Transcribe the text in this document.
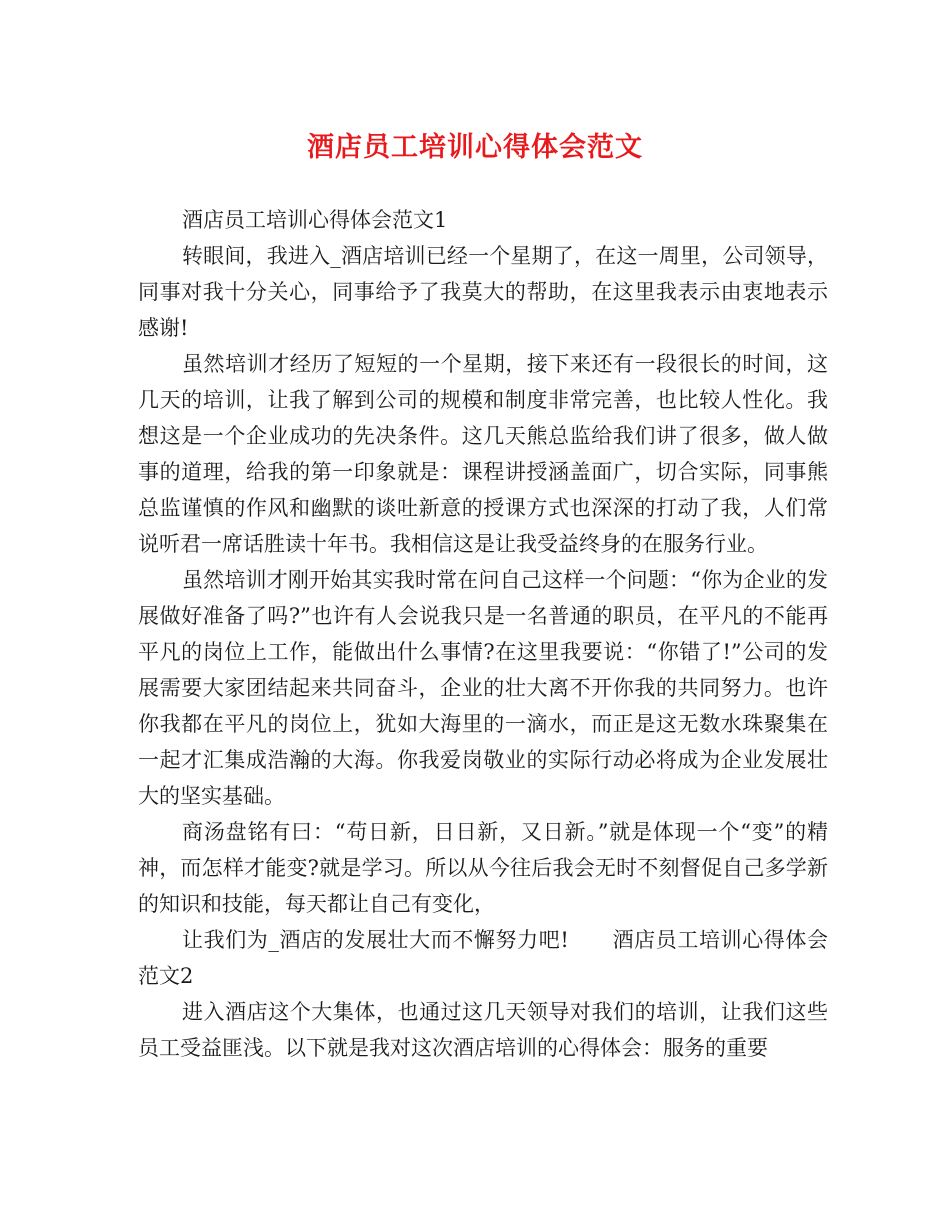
酒店员工培训心得体会范文

酒店员工培训心得体会范文1

转眼间，我进入_酒店培训已经一个星期了，在这一周里，公司领导，同事对我十分关心，同事给予了我莫大的帮助，在这里我表示由衷地表示感谢!

虽然培训才经历了短短的一个星期，接下来还有一段很长的时间，这几天的培训，让我了解到公司的规模和制度非常完善，也比较人性化。我想这是一个企业成功的先决条件。这几天熊总监给我们讲了很多，做人做事的道理，给我的第一印象就是：课程讲授涵盖面广，切合实际，同事熊总监谨慎的作风和幽默的谈吐新意的授课方式也深深的打动了我，人们常说听君一席话胜读十年书。我相信这是让我受益终身的在服务行业。

虽然培训才刚开始其实我时常在问自己这样一个问题：“你为企业的发展做好准备了吗?”也许有人会说我只是一名普通的职员，在平凡的不能再平凡的岗位上工作，能做出什么事情?在这里我要说：“你错了!”公司的发展需要大家团结起来共同奋斗，企业的壮大离不开你我的共同努力。也许你我都在平凡的岗位上，犹如大海里的一滴水，而正是这无数水珠聚集在一起才汇集成浩瀚的大海。你我爱岗敬业的实际行动必将成为企业发展壮大的坚实基础。

商汤盘铭有曰：“苟日新，日日新，又日新。”就是体现一个“变”的精神，而怎样才能变?就是学习。所以从今往后我会无时不刻督促自己多学新的知识和技能，每天都让自己有变化，

让我们为_酒店的发展壮大而不懈努力吧!　　酒店员工培训心得体会范文2

进入酒店这个大集体，也通过这几天领导对我们的培训，让我们这些员工受益匪浅。以下就是我对这次酒店培训的心得体会：服务的重要
